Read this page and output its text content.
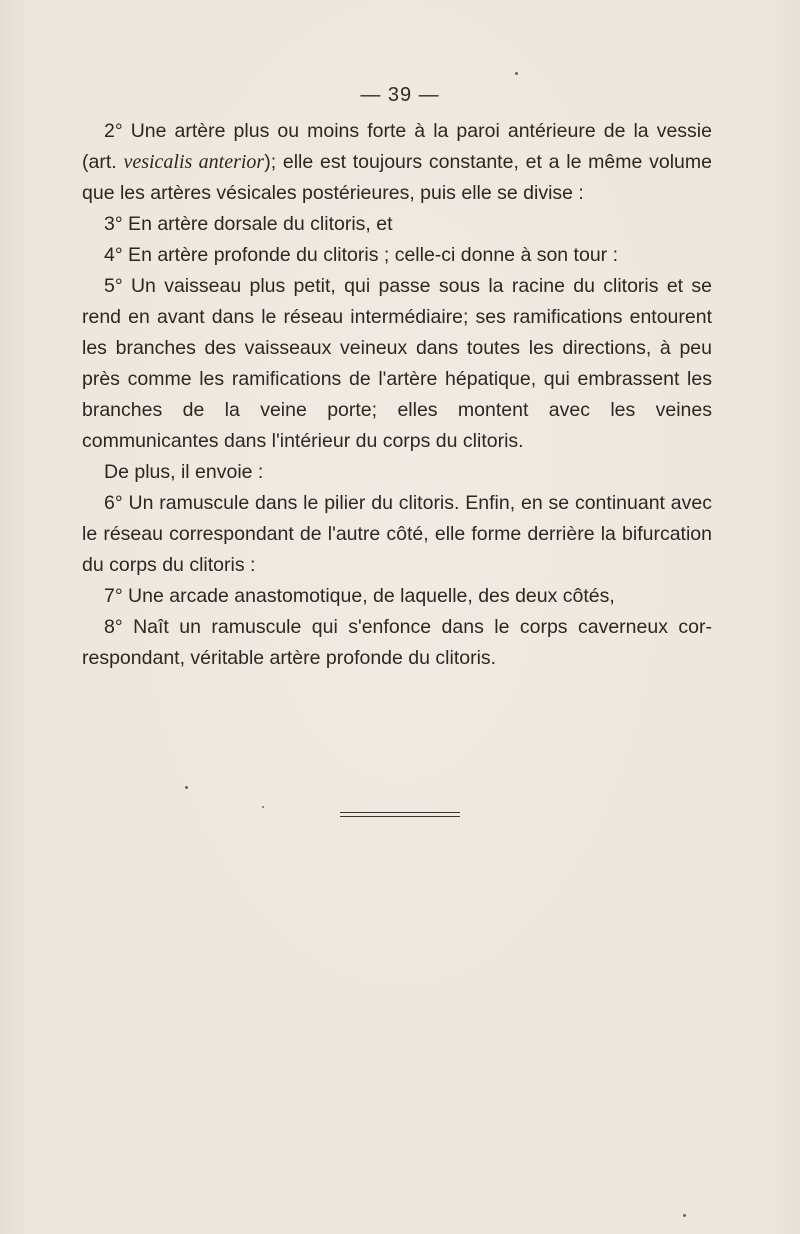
— 39 —

2° Une artère plus ou moins forte à la paroi antérieure de la vessie (art. vesicalis anterior); elle est toujours constante, et a le même volume que les artères vésicales postérieures, puis elle se divise :

3° En artère dorsale du clitoris, et

4° En artère profonde du clitoris ; celle-ci donne à son tour :

5° Un vaisseau plus petit, qui passe sous la racine du clitoris et se rend en avant dans le réseau intermédiaire; ses ramifications entourent les branches des vaisseaux veineux dans toutes les directions, à peu près comme les ramifications de l'artère hépatique, qui embrassent les branches de la veine porte; elles montent avec les veines communicantes dans l'intérieur du corps du clitoris.

De plus, il envoie :

6° Un ramuscule dans le pilier du clitoris. Enfin, en se continuant avec le réseau correspondant de l'autre côté, elle forme derrière la bifurcation du corps du clitoris :

7° Une arcade anastomotique, de laquelle, des deux côtés,

8° Naît un ramuscule qui s'enfonce dans le corps caverneux correspondant, véritable artère profonde du clitoris.
